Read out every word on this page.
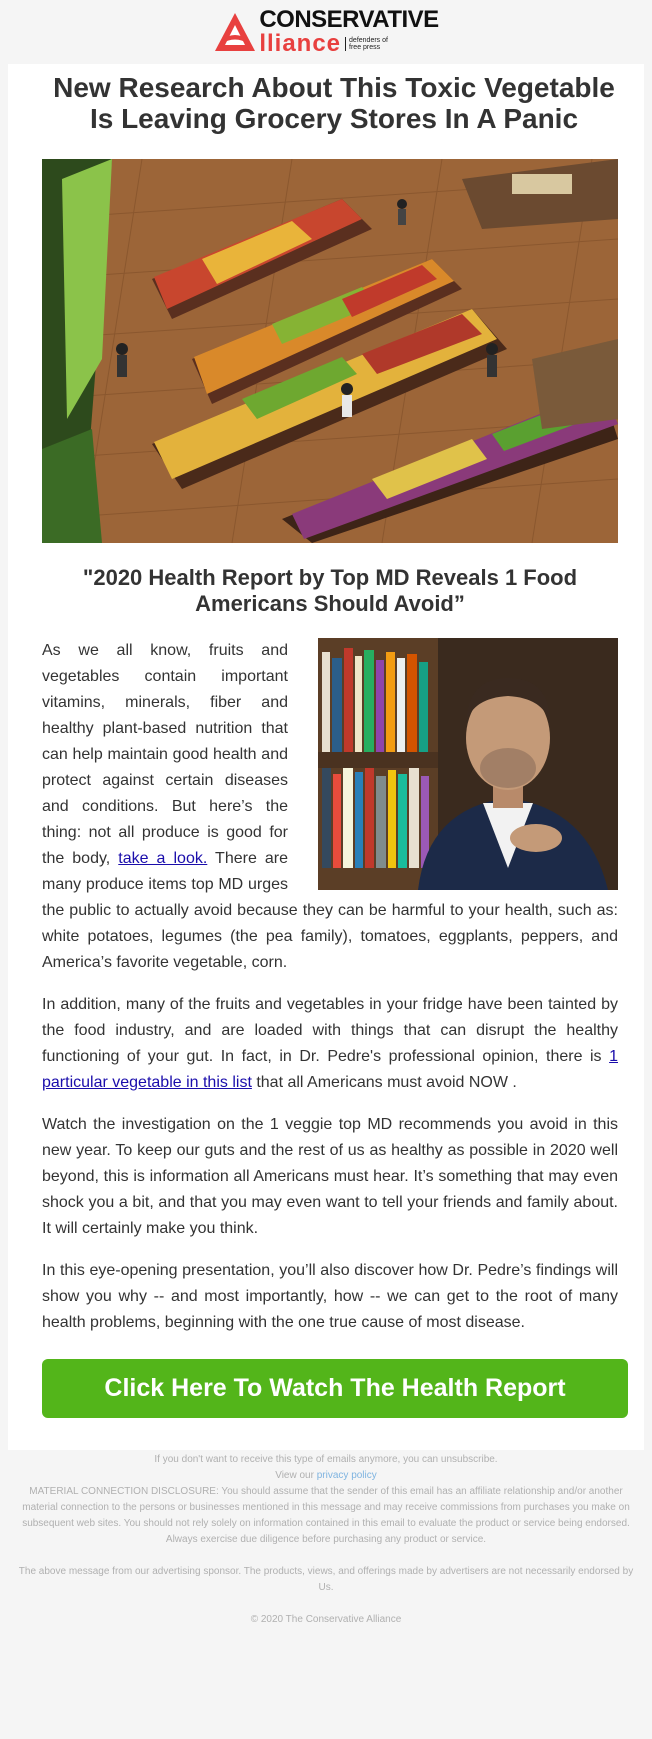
CONSERVATIVE
lliance	defenders of
free press
New Research About This Toxic Vegetable Is Leaving Grocery Stores In A Panic
"2020 Health Report by Top MD Reveals 1 Food Americans Should Avoid”

As we all know, fruits and vegetables contain important vitamins, minerals, fiber and healthy plant-based nutrition that can help maintain good health and protect against certain diseases and conditions. But here’s the thing: not all produce is good for the body, take a look. There are many produce items top MD urges the public to actually avoid because they can be harmful to your health, such as: white potatoes, legumes (the pea family), tomatoes, eggplants, peppers, and America’s favorite vegetable, corn.

In addition, many of the fruits and vegetables in your fridge have been tainted by the food industry, and are loaded with things that can disrupt the healthy functioning of your gut. In fact, in Dr. Pedre's professional opinion, there is 1 particular vegetable in this list that all Americans must avoid NOW .

Watch the investigation on the 1 veggie top MD recommends you avoid in this new year. To keep our guts and the rest of us as healthy as possible in 2020 well beyond, this is information all Americans must hear. It’s something that may even shock you a bit, and that you may even want to tell your friends and family about. It will certainly make you think.

In this eye-opening presentation, you’ll also discover how Dr. Pedre’s findings will show you why -- and most importantly, how -- we can get to the root of many health problems, beginning with the one true cause of most disease.

Click Here To Watch The Health Report

If you don't want to receive this type of emails anymore, you can unsubscribe.

View our privacy policy

MATERIAL CONNECTION DISCLOSURE: You should assume that the sender of this email has an affiliate relationship and/or another material connection to the persons or businesses mentioned in this message and may receive commissions from purchases you make on subsequent web sites. You should not rely solely on information contained in this email to evaluate the product or service being endorsed. Always exercise due diligence before purchasing any product or service.

The above message from our advertising sponsor. The products, views, and offerings made by advertisers are not necessarily endorsed by Us.

© 2020 The Conservative Alliance
